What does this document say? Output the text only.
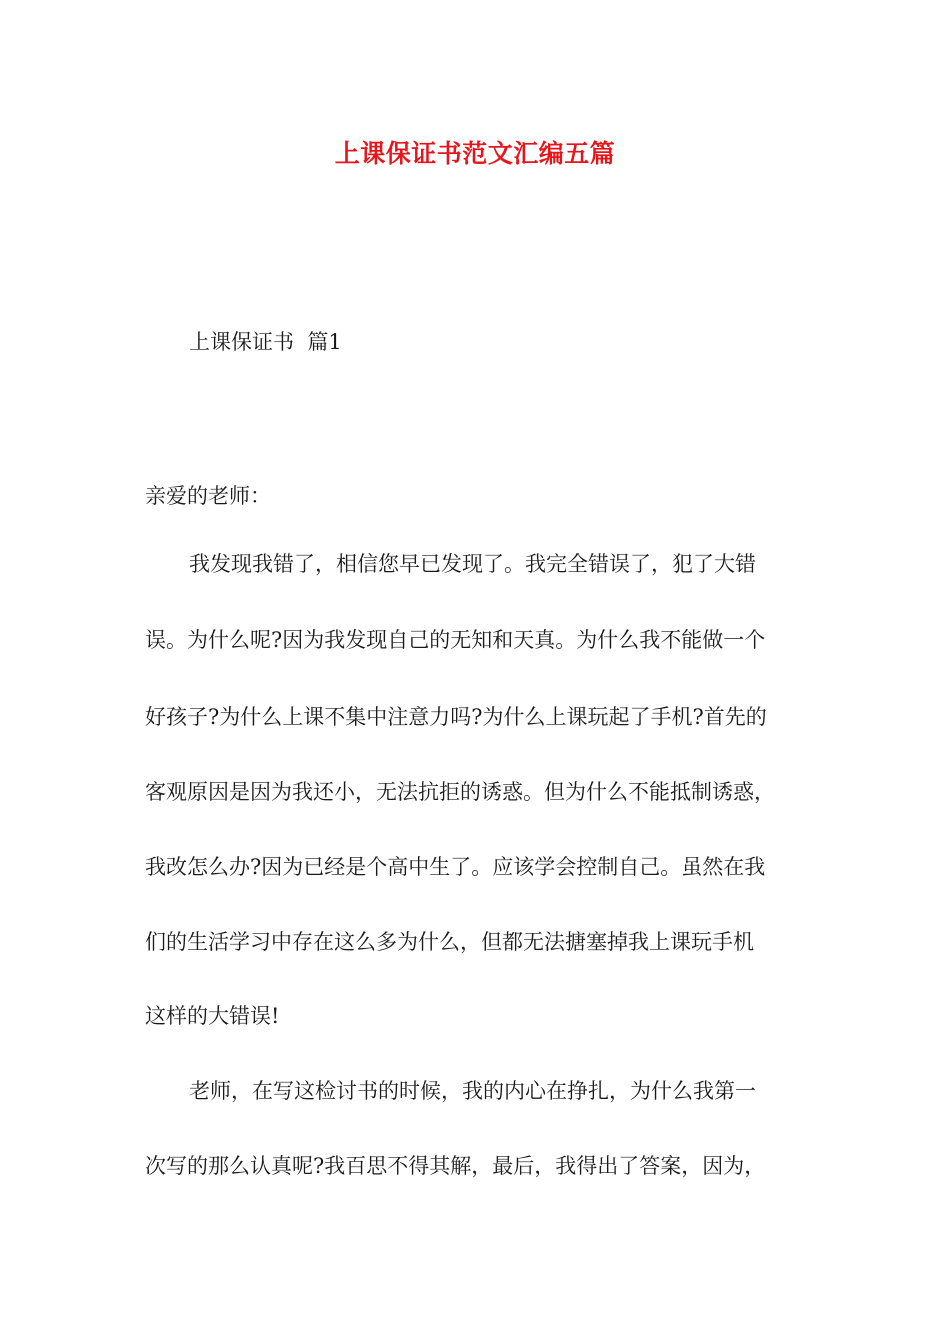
上课保证书范文汇编五篇
上课保证书  篇1
亲爱的老师：
我发现我错了，相信您早已发现了。我完全错误了，犯了大错
误。为什么呢?因为我发现自己的无知和天真。为什么我不能做一个
好孩子?为什么上课不集中注意力吗?为什么上课玩起了手机?首先的
客观原因是因为我还小，无法抗拒的诱惑。但为什么不能抵制诱惑，
我改怎么办?因为已经是个高中生了。应该学会控制自己。虽然在我
们的生活学习中存在这么多为什么，但都无法搪塞掉我上课玩手机
这样的大错误!
老师，在写这检讨书的时候，我的内心在挣扎，为什么我第一
次写的那么认真呢?我百思不得其解，最后，我得出了答案，因为，
